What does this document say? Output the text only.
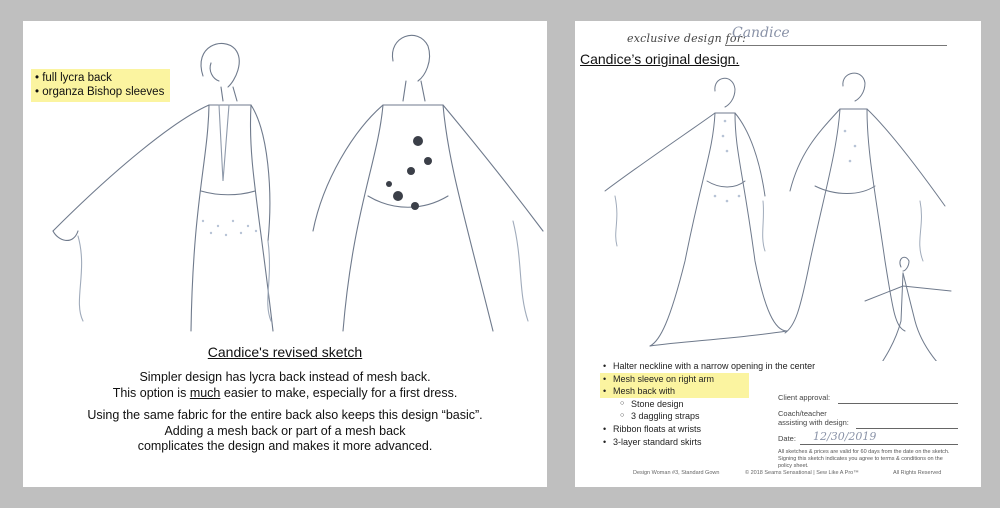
• full lycra back
• organza Bishop sleeves
Candice's revised sketch

Simpler design has lycra back instead of mesh back.

This option is much easier to make, especially for a first dress.

Using the same fabric for the entire back also keeps this design “basic”.

Adding a mesh back or part of a mesh back

complicates the design and makes it more advanced.

exclusive design for:
Candice
Candice’s original design.
• Halter neckline with a narrow opening in the center
• Mesh sleeve on right arm
• Mesh back with
○ Stone design
○ 3 daggling straps
• Ribbon floats at wrists
• 3-layer standard skirts
Client approval:
Coach/teacher
assisting with design:
Date: 12/30/2019
All sketches & prices are valid for 60 days from the date on the sketch. Signing this sketch indicates you agree to terms & conditions on the policy sheet.
Design Woman #3, Standard Gown	© 2018 Seams Sensational | Sew Like A Pro™	All Rights Reserved
